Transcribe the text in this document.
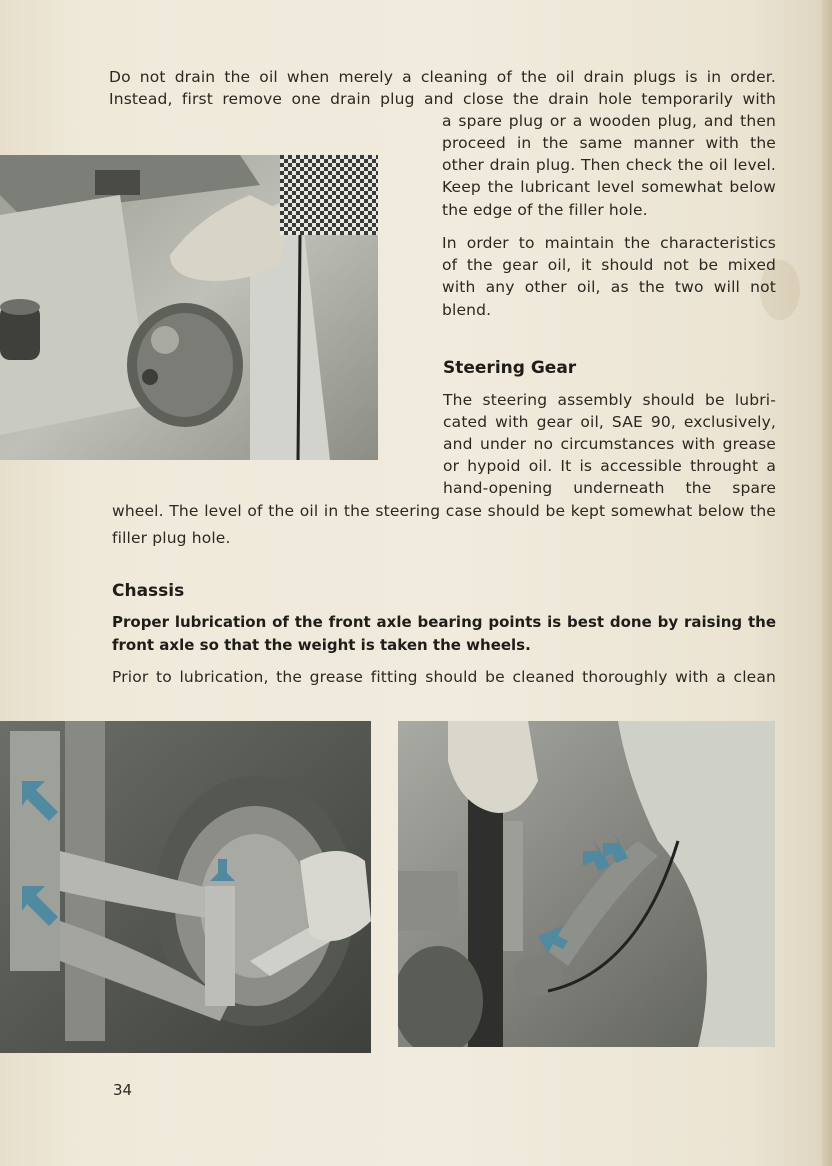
Do not drain the oil when merely a cleaning of the oil drain plugs is in order.
Instead, first remove one drain plug and close the drain hole temporarily with
a spare plug or a wooden plug, and then
proceed in the same manner with the
other drain plug. Then check the oil level.
Keep the lubricant level somewhat below
the edge of the filler hole.
In order to maintain the characteristics
of the gear oil, it should not be mixed
with any other oil, as the two will not
blend.
Steering Gear
The steering assembly should be lubri-
cated with gear oil, SAE 90, exclusively,
and under no circumstances with grease
or hypoid oil. It is accessible throught a
hand-opening underneath the spare
wheel. The level of the oil in the steering case should be kept somewhat below the
filler plug hole.
Chassis
Proper lubrication of the front axle bearing points is best done by raising the
front axle so that the weight is taken the wheels.
Prior to lubrication, the grease fitting should be cleaned thoroughly with a clean
34
